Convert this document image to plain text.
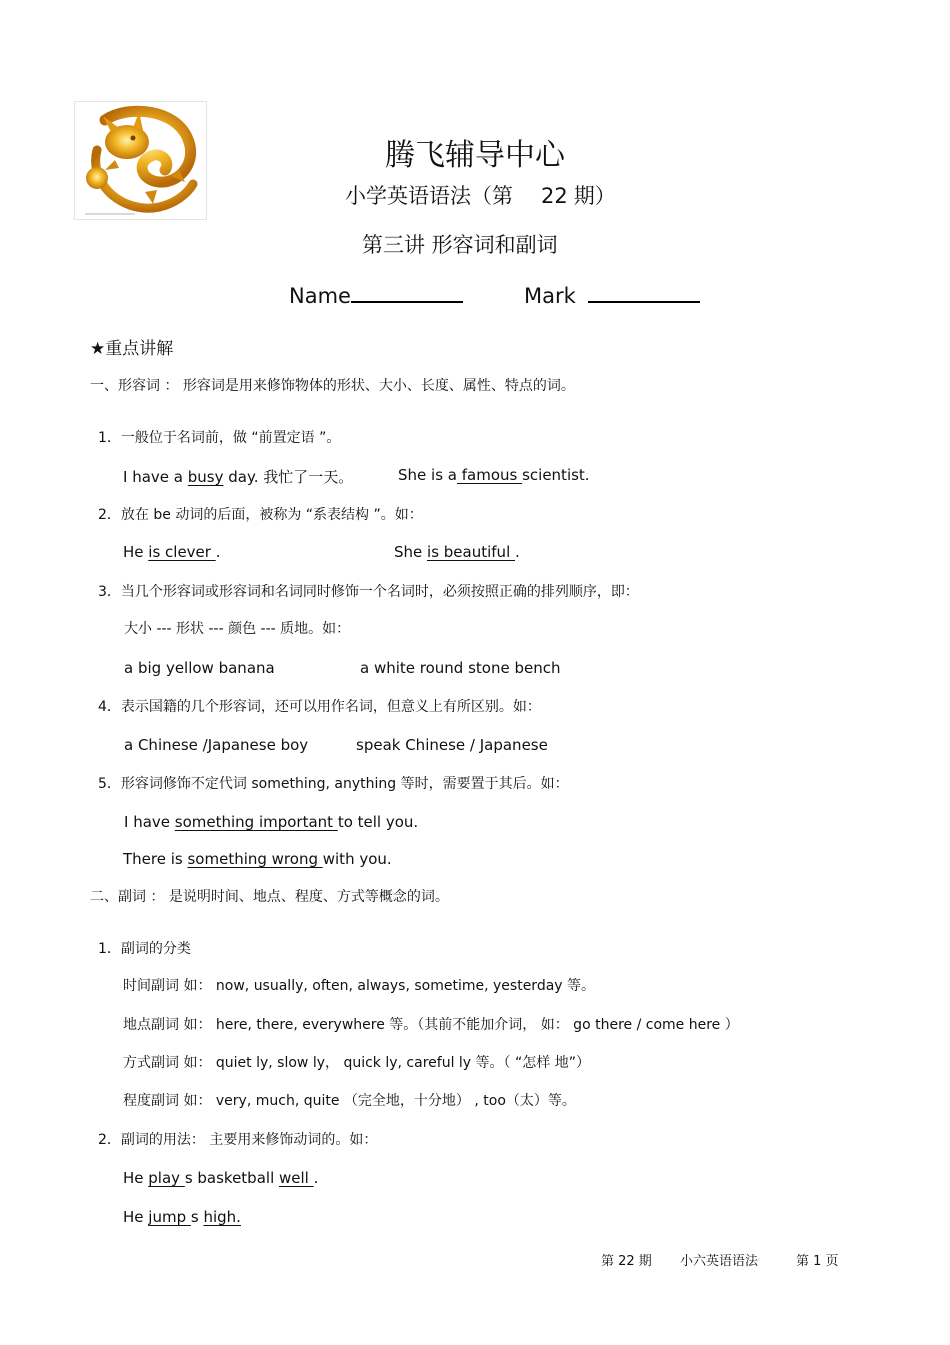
腾飞辅导中心
小学英语语法（第 22 期）
第三讲 形容词和副词
Name	Mark
★重点讲解
一、形容词 ： 形容词是用来修饰物体的形状、大小、长度、属性、特点的词。
1．一般位于名词前，做 “前置定语 ”。
I have a busy day. 我忙了一天。	She is a famous scientist.
2．放在 be 动词的后面，被称为 “系表结构 ”。如：
He is clever .	She is beautiful .
3．当几个形容词或形容词和名词同时修饰一个名词时，必须按照正确的排列顺序，即：
大小 --- 形状 --- 颜色 --- 质地。如：
a big yellow banana	a white round stone bench
4．表示国籍的几个形容词，还可以用作名词，但意义上有所区别。如：
a Chinese /Japanese boy	speak Chinese / Japanese
5．形容词修饰不定代词 something, anything 等时，需要置于其后。如：
I have something important to tell you.
There is something wrong with you.
二、副词 ： 是说明时间、地点、程度、方式等概念的词。
1．副词的分类
时间副词 如： now, usually, often, always, sometime, yesterday 等。
地点副词 如： here, there, everywhere 等。（其前不能加介词， 如： go there / come here ）
方式副词 如： quiet ly, slow ly， quick ly, careful ly 等。（ “怎样 地”）
程度副词 如： very, much, quite （完全地，十分地） , too（太）等。
2．副词的用法： 主要用来修饰动词的。如：
He play s basketball well .
He jump s high.
第 22 期 小六英语语法	第 1 页
